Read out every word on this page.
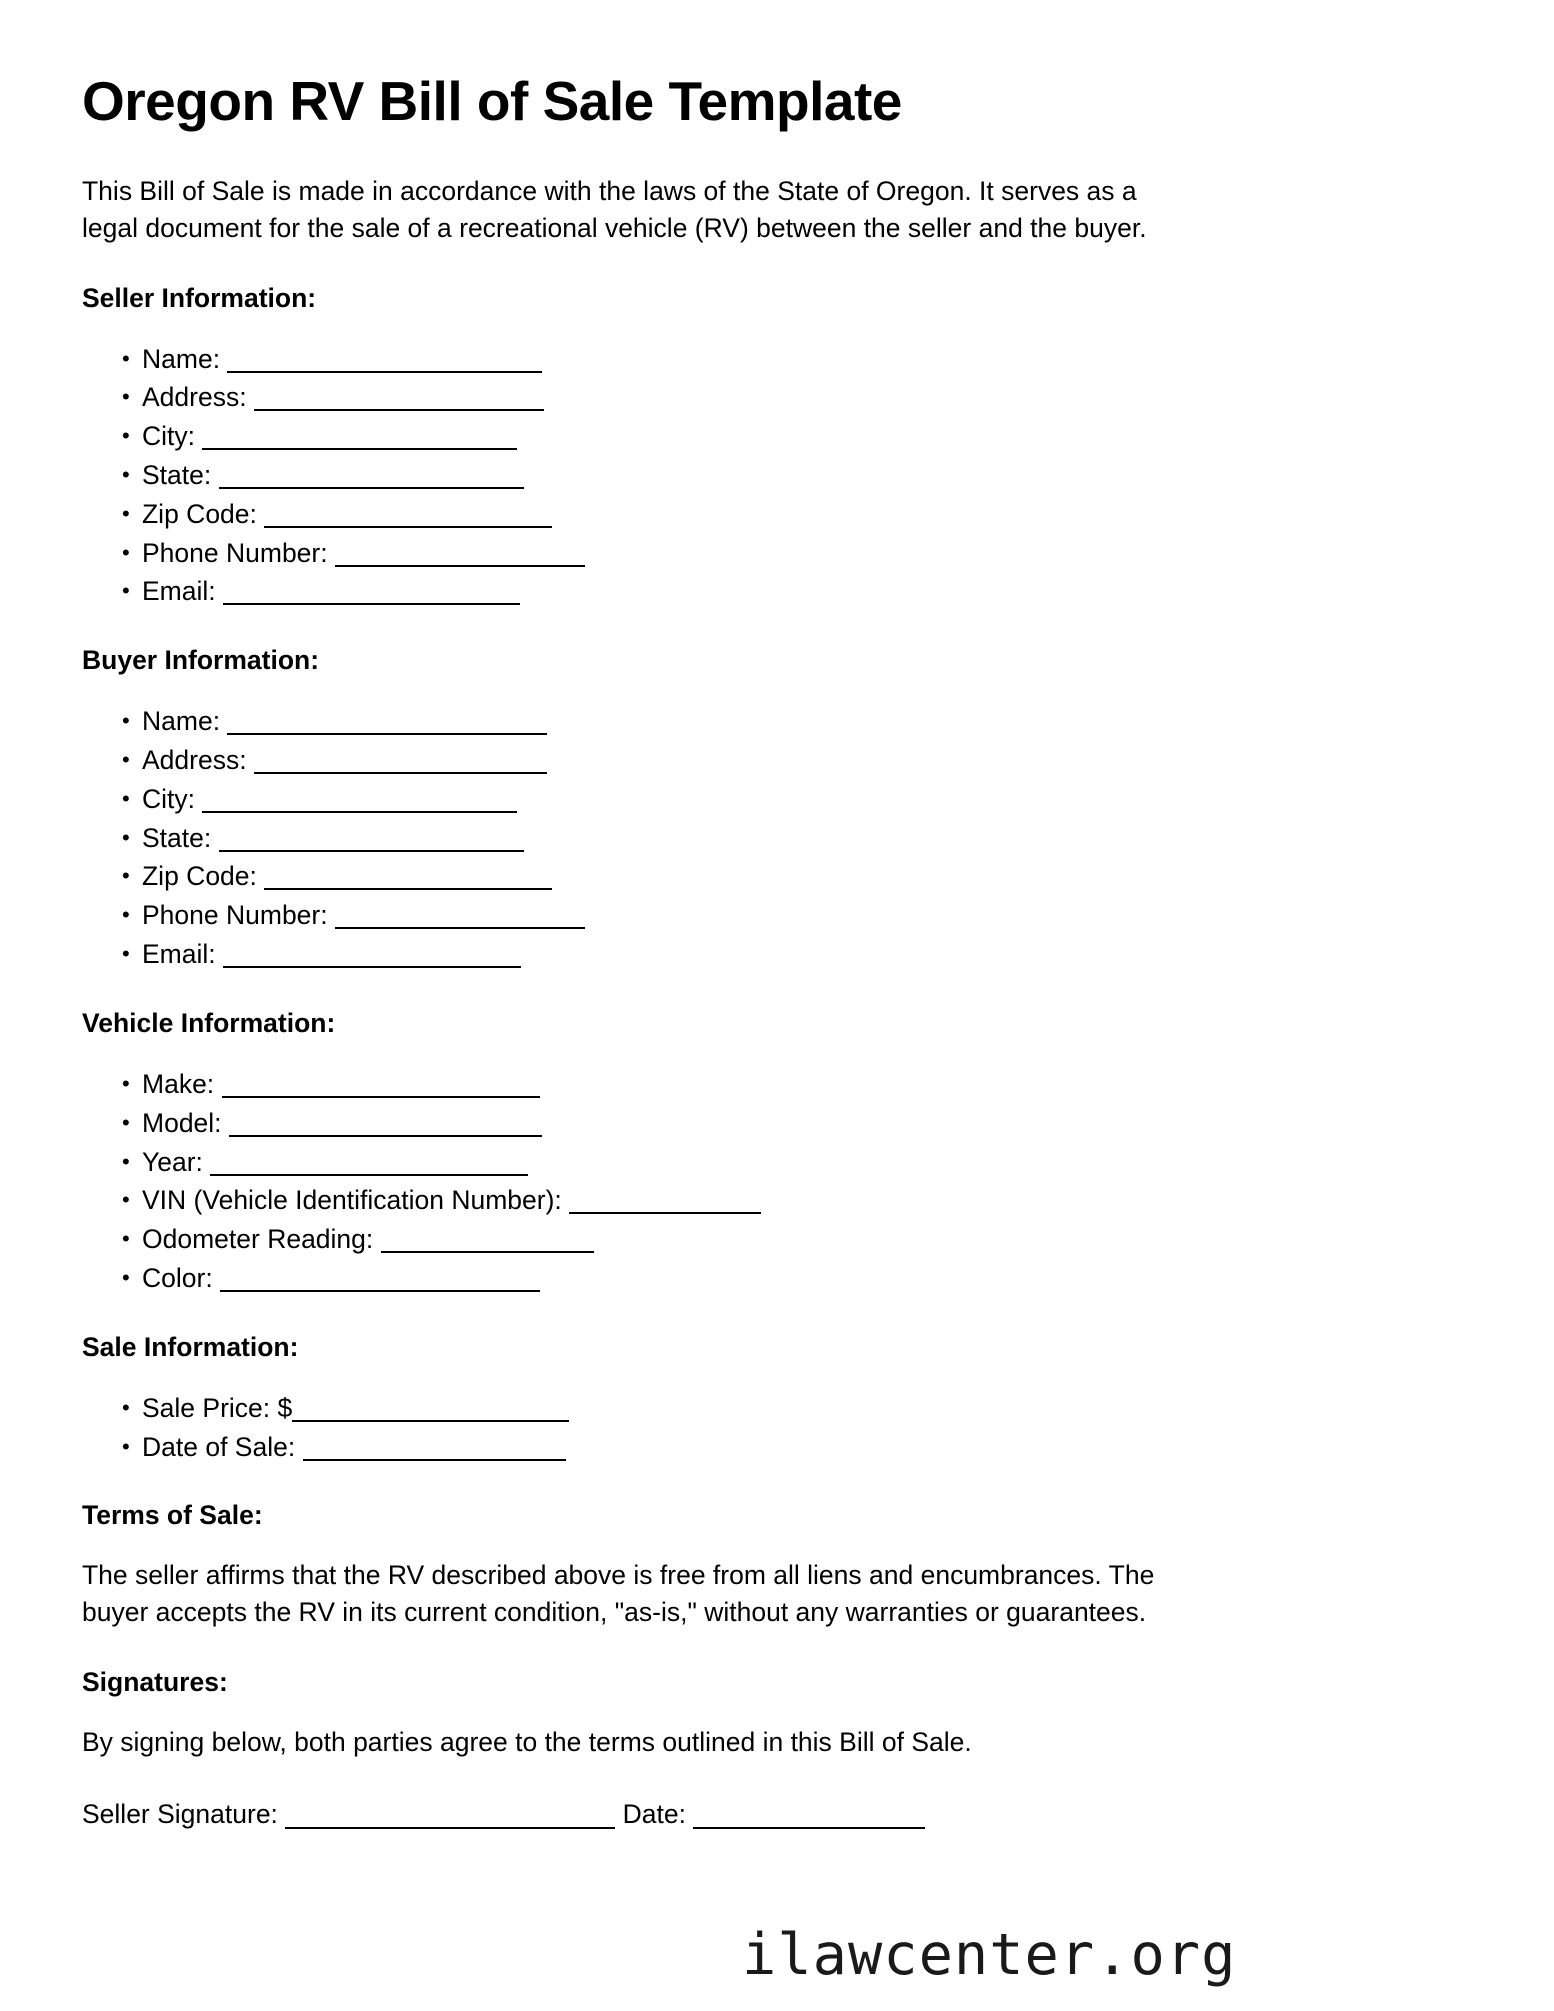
Oregon RV Bill of Sale Template

This Bill of Sale is made in accordance with the laws of the State of Oregon. It serves as a legal document for the sale of a recreational vehicle (RV) between the seller and the buyer.

Seller Information:
• Name:
• Address:
• City:
• State:
• Zip Code:
• Phone Number:
• Email:
Buyer Information:
• Name:
• Address:
• City:
• State:
• Zip Code:
• Phone Number:
• Email:
Vehicle Information:
• Make:
• Model:
• Year:
• VIN (Vehicle Identification Number):
• Odometer Reading:
• Color:
Sale Information:
• Sale Price: $
• Date of Sale:
Terms of Sale:

The seller affirms that the RV described above is free from all liens and encumbrances. The buyer accepts the RV in its current condition, "as-is," without any warranties or guarantees.

Signatures:

By signing below, both parties agree to the terms outlined in this Bill of Sale.

Seller Signature:	Date:
ilawcenter.org
